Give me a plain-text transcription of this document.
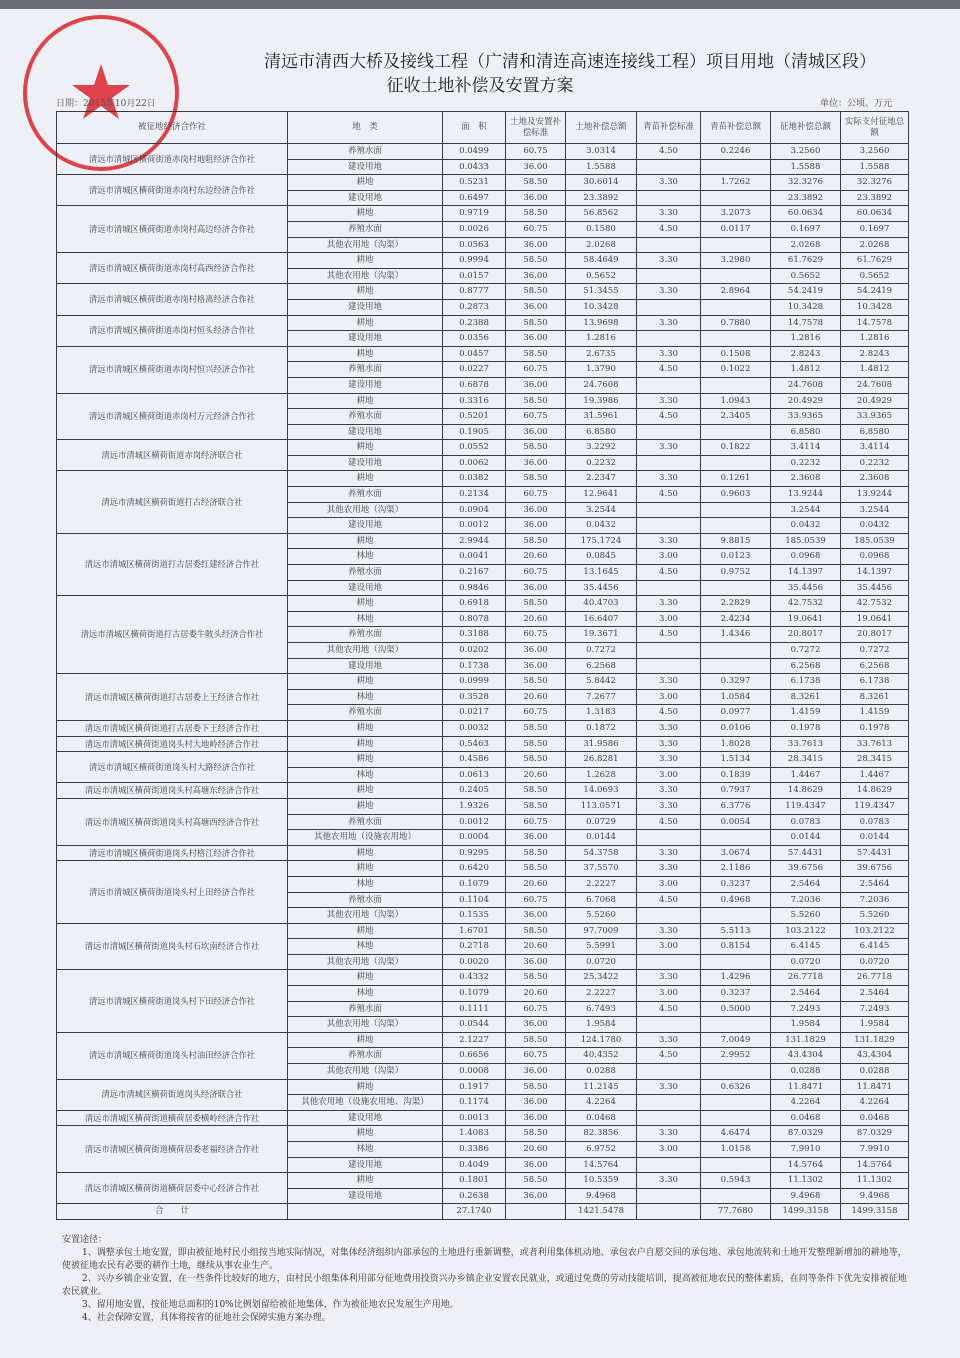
清远市清西大桥及接线工程（广清和清连高速连接线工程）项目用地（清城区段）
征收土地补偿及安置方案
日期：2015年10月22日	单位：公顷、万元
被征地经济合作社	地　类	面　积	土地及安置补偿标准	土地补偿总额	青苗补偿标准	青苗补偿总额	征地补偿总额	实际支付征地总额
清远市清城区横荷街道赤岗村地咀经济合作社	养殖水面	0.0499	60.75	3.0314	4.50	0.2246	3.2560	3.2560
	建设用地	0.0433	36.00	1.5588			1.5588	1.5588
清远市清城区横荷街道赤岗村东边经济合作社	耕地	0.5231	58.50	30.6014	3.30	1.7262	32.3276	32.3276
	建设用地	0.6497	36.00	23.3892			23.3892	23.3892
清远市清城区横荷街道赤岗村高边经济合作社	耕地	0.9719	58.50	56.8562	3.30	3.2073	60.0634	60.0634
	养殖水面	0.0026	60.75	0.1580	4.50	0.0117	0.1697	0.1697
	其他农用地（沟渠）	0.0563	36.00	2.0268			2.0268	2.0268
清远市清城区横荷街道赤岗村高西经济合作社	耕地	0.9994	58.50	58.4649	3.30	3.2980	61.7629	61.7629
	其他农用地（沟渠）	0.0157	36.00	0.5652			0.5652	0.5652
清远市清城区横荷街道赤岗村格离经济合作社	耕地	0.8777	58.50	51.3455	3.30	2.8964	54.2419	54.2419
	建设用地	0.2873	36.00	10.3428			10.3428	10.3428
清远市清城区横荷街道赤岗村恒头经济合作社	耕地	0.2388	58.50	13.9698	3.30	0.7880	14.7578	14.7578
	建设用地	0.0356	36.00	1.2816			1.2816	1.2816
清远市清城区横荷街道赤岗村恒兴经济合作社	耕地	0.0457	58.50	2.6735	3.30	0.1508	2.8243	2.8243
	养殖水面	0.0227	60.75	1.3790	4.50	0.1022	1.4812	1.4812
	建设用地	0.6878	36.00	24.7608			24.7608	24.7608
清远市清城区横荷街道赤岗村万元经济合作社	耕地	0.3316	58.50	19.3986	3.30	1.0943	20.4929	20.4929
	养殖水面	0.5201	60.75	31.5961	4.50	2.3405	33.9365	33.9365
	建设用地	0.1905	36.00	6.8580			6.8580	6.8580
清远市清城区横荷街道赤岗经济联合社	耕地	0.0552	58.50	3.2292	3.30	0.1822	3.4114	3.4114
	建设用地	0.0062	36.00	0.2232			0.2232	0.2232
清远市清城区横荷街道打古经济联合社	耕地	0.0382	58.50	2.2347	3.30	0.1261	2.3608	2.3608
	养殖水面	0.2134	60.75	12.9641	4.50	0.9603	13.9244	13.9244
	其他农用地（沟渠）	0.0904	36.00	3.2544			3.2544	3.2544
	建设用地	0.0012	36.00	0.0432			0.0432	0.0432
清远市清城区横荷街道打古居委红建经济合作社	耕地	2.9944	58.50	175.1724	3.30	9.8815	185.0539	185.0539
	林地	0.0041	20.60	0.0845	3.00	0.0123	0.0968	0.0968
	养殖水面	0.2167	60.75	13.1645	4.50	0.9752	14.1397	14.1397
	建设用地	0.9846	36.00	35.4456			35.4456	35.4456
清远市清城区横荷街道打古居委牛陂头经济合作社	耕地	0.6918	58.50	40.4703	3.30	2.2829	42.7532	42.7532
	林地	0.8078	20.60	16.6407	3.00	2.4234	19.0641	19.0641
	养殖水面	0.3188	60.75	19.3671	4.50	1.4346	20.8017	20.8017
	其他农用地（沟渠）	0.0202	36.00	0.7272			0.7272	0.7272
	建设用地	0.1738	36.00	6.2568			6.2568	6.2568
清远市清城区横荷街道打古居委上王经济合作社	耕地	0.0999	58.50	5.8442	3.30	0.3297	6.1738	6.1738
	林地	0.3528	20.60	7.2677	3.00	1.0584	8.3261	8.3261
	养殖水面	0.0217	60.75	1.3183	4.50	0.0977	1.4159	1.4159
清远市清城区横荷街道打古居委下王经济合作社	耕地	0.0032	58.50	0.1872	3.30	0.0106	0.1978	0.1978
清远市清城区横荷街道岗头村大地岭经济合作社	耕地	0.5463	58.50	31.9586	3.30	1.8028	33.7613	33.7613
清远市清城区横荷街道岗头村大路经济合作社	耕地	0.4586	58.50	26.8281	3.30	1.5134	28.3415	28.3415
	林地	0.0613	20.60	1.2628	3.00	0.1839	1.4467	1.4467
清远市清城区横荷街道岗头村高塘东经济合作社	耕地	0.2405	58.50	14.0693	3.30	0.7937	14.8629	14.8629
清远市清城区横荷街道岗头村高塘西经济合作社	耕地	1.9326	58.50	113.0571	3.30	6.3776	119.4347	119.4347
	养殖水面	0.0012	60.75	0.0729	4.50	0.0054	0.0783	0.0783
	其他农用地（设施农用地）	0.0004	36.00	0.0144			0.0144	0.0144
清远市清城区横荷街道岗头村格江经济合作社	耕地	0.9295	58.50	54.3758	3.30	3.0674	57.4431	57.4431
清远市清城区横荷街道岗头村上田经济合作社	耕地	0.6420	58.50	37.5570	3.30	2.1186	39.6756	39.6756
	林地	0.1079	20.60	2.2227	3.00	0.3237	2.5464	2.5464
	养殖水面	0.1104	60.75	6.7068	4.50	0.4968	7.2036	7.2036
	其他农用地（沟渠）	0.1535	36.00	5.5260			5.5260	5.5260
清远市清城区横荷街道岗头村石坎南经济合作社	耕地	1.6701	58.50	97.7009	3.30	5.5113	103.2122	103.2122
	林地	0.2718	20.60	5.5991	3.00	0.8154	6.4145	6.4145
	其他农用地（沟渠）	0.0020	36.00	0.0720			0.0720	0.0720
清远市清城区横荷街道岗头村下田经济合作社	耕地	0.4332	58.50	25.3422	3.30	1.4296	26.7718	26.7718
	林地	0.1079	20.60	2.2227	3.00	0.3237	2.5464	2.5464
	养殖水面	0.1111	60.75	6.7493	4.50	0.5000	7.2493	7.2493
	其他农用地（沟渠）	0.0544	36.00	1.9584			1.9584	1.9584
清远市清城区横荷街道岗头村油田经济合作社	耕地	2.1227	58.50	124.1780	3.30	7.0049	131.1829	131.1829
	养殖水面	0.6656	60.75	40.4352	4.50	2.9952	43.4304	43.4304
	其他农用地（沟渠）	0.0008	36.00	0.0288			0.0288	0.0288
清远市清城区横荷街道岗头经济联合社	耕地	0.1917	58.50	11.2145	3.30	0.6326	11.8471	11.8471
	其他农用地（设施农用地、沟渠）	0.1174	36.00	4.2264			4.2264	4.2264
清远市清城区横荷街道横荷居委横岭经济合作社	建设用地	0.0013	36.00	0.0468			0.0468	0.0468
清远市清城区横荷街道横荷居委老福经济合作社	耕地	1.4083	58.50	82.3856	3.30	4.6474	87.0329	87.0329
	林地	0.3386	20.60	6.9752	3.00	1.0158	7.9910	7.9910
	建设用地	0.4049	36.00	14.5764			14.5764	14.5764
清远市清城区横荷街道横荷居委中心经济合作社	耕地	0.1801	58.50	10.5359	3.30	0.5943	11.1302	11.1302
	建设用地	0.2638	36.00	9.4968			9.4968	9.4968
合　　计		27.1740		1421.5478		77.7680	1499.3158	1499.3158

安置途径：

1、调整承包土地安置，即由被征地村民小组按当地实际情况，对集体经济组织内部承包的土地进行重新调整，或者利用集体机动地、承包农户自愿交回的承包地、承包地流转和土地开发整理新增加的耕地等，使被征地农民有必要的耕作土地，继续从事农业生产。

2、兴办乡镇企业安置，在一些条件比较好的地方，由村民小组集体利用部分征地费用投资兴办乡镇企业安置农民就业，或通过免费的劳动技能培训，提高被征地农民的整体素质，在同等条件下优先安排被征地农民就业。

3、留用地安置，按征地总面积的10%比例划留给被征地集体，作为被征地农民发展生产用地。

4、社会保障安置，具体将按省的征地社会保障实施方案办理。
